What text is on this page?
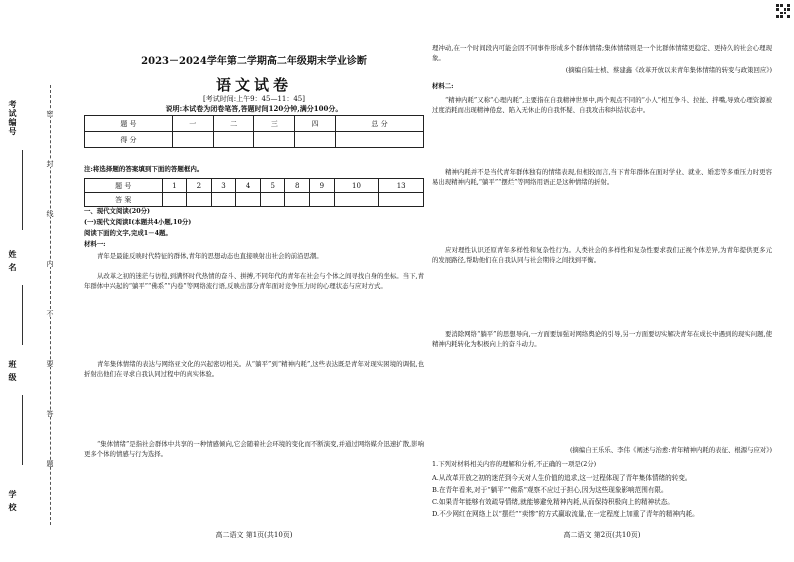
考试编号
姓 名
班 级
学 校
密
封
线
内
不
要
答
题
2023－2024学年第二学期高二年级期末学业诊断
语文试卷
[考试时间:上午9：45—11：45]
说明:本试卷为闭卷笔答,答题时间120分钟,满分100分。
题 号	一	二	三	四	总 分
得 分					
注:将选择题的答案填到下面的答题框内。
题 号	1	2	3	4	5	8	9	10	13
答 案									
一、现代文阅读(20分)
(一)现代文阅读Ⅰ(本题共4小题,10分)
阅读下面的文字,完成1－4题。
材料一:
青年是最能反映时代特征的群体,青年的思想动态也直接映射出社会的前沿思潮。
从改革之初的迷茫与彷徨,到满怀时代热情的奋斗、拼搏,不同年代的青年在社会与个体之间寻找自身的坐标。当下,青年群体中兴起的“躺平”“佛系”“内卷”等网络流行语,反映出部分青年面对竞争压力时的心理状态与应对方式。
青年集体情绪的表达与网络亚文化的兴起密切相关。从“躺平”到“精神内耗”,这些表达既是青年对现实困境的调侃,也折射出他们在寻求自我认同过程中的真实体验。
“集体情绪”是指社会群体中共享的一种情感倾向,它会随着社会环境的变化而不断演变,并通过网络媒介迅速扩散,影响更多个体的情感与行为选择。
高二语文 第1页(共10页)
理冲动,在一个时间段内可能会因不同事件形成多个群体情绪;集体情绪则是一个比群体情绪更稳定、更持久的社会心理现象。
(摘编自陆士桢、蔡建鑫《改革开放以来青年集体情绪的转变与政策回应》)
材料二:
“精神内耗”又称“心理内耗”,主要指在自我精神世界中,两个观点不同的“小人”相互争斗、拉扯、拌嘴,导致心理资源被过度消耗而出现精神倦怠、陷入无休止的自我怀疑、自我攻击和纠结状态中。
精神内耗并不是当代青年群体独有的情绪表现,但相较而言,当下青年群体在面对学业、就业、婚恋等多重压力时更容易出现精神内耗,“躺平”“摆烂”等网络用语正是这种情绪的折射。
应对理性认识还原青年多样性和复杂性行为。人类社会的多样性和复杂性要求我们正视个体差异,为青年提供更多元的发展路径,帮助他们在自我认同与社会期待之间找到平衡。
要消除网络“躺平”的思想导向,一方面要加强对网络舆论的引导,另一方面要切实解决青年在成长中遇到的现实问题,使精神内耗转化为积极向上的奋斗动力。
(摘编自王乐乐、李伟《阐述与治愈:青年精神内耗的表征、根源与应对》)
1.下列对材料相关内容的理解和分析,不正确的一项是(2分)
A.从改革开放之初的迷茫到今天对人生价值的追求,这一过程体现了青年集体情绪的转变。
B.在青年看来,对于“躺平”“佛系”观察不应过于担心,因为这些现象影响范围有限。
C.如果青年能够有效疏导情绪,就能够避免精神内耗,从而保持积极向上的精神状态。
D.不少网红在网络上以“摆烂”“卖惨”的方式赢取流量,在一定程度上加重了青年的精神内耗。
高二语文 第2页(共10页)
